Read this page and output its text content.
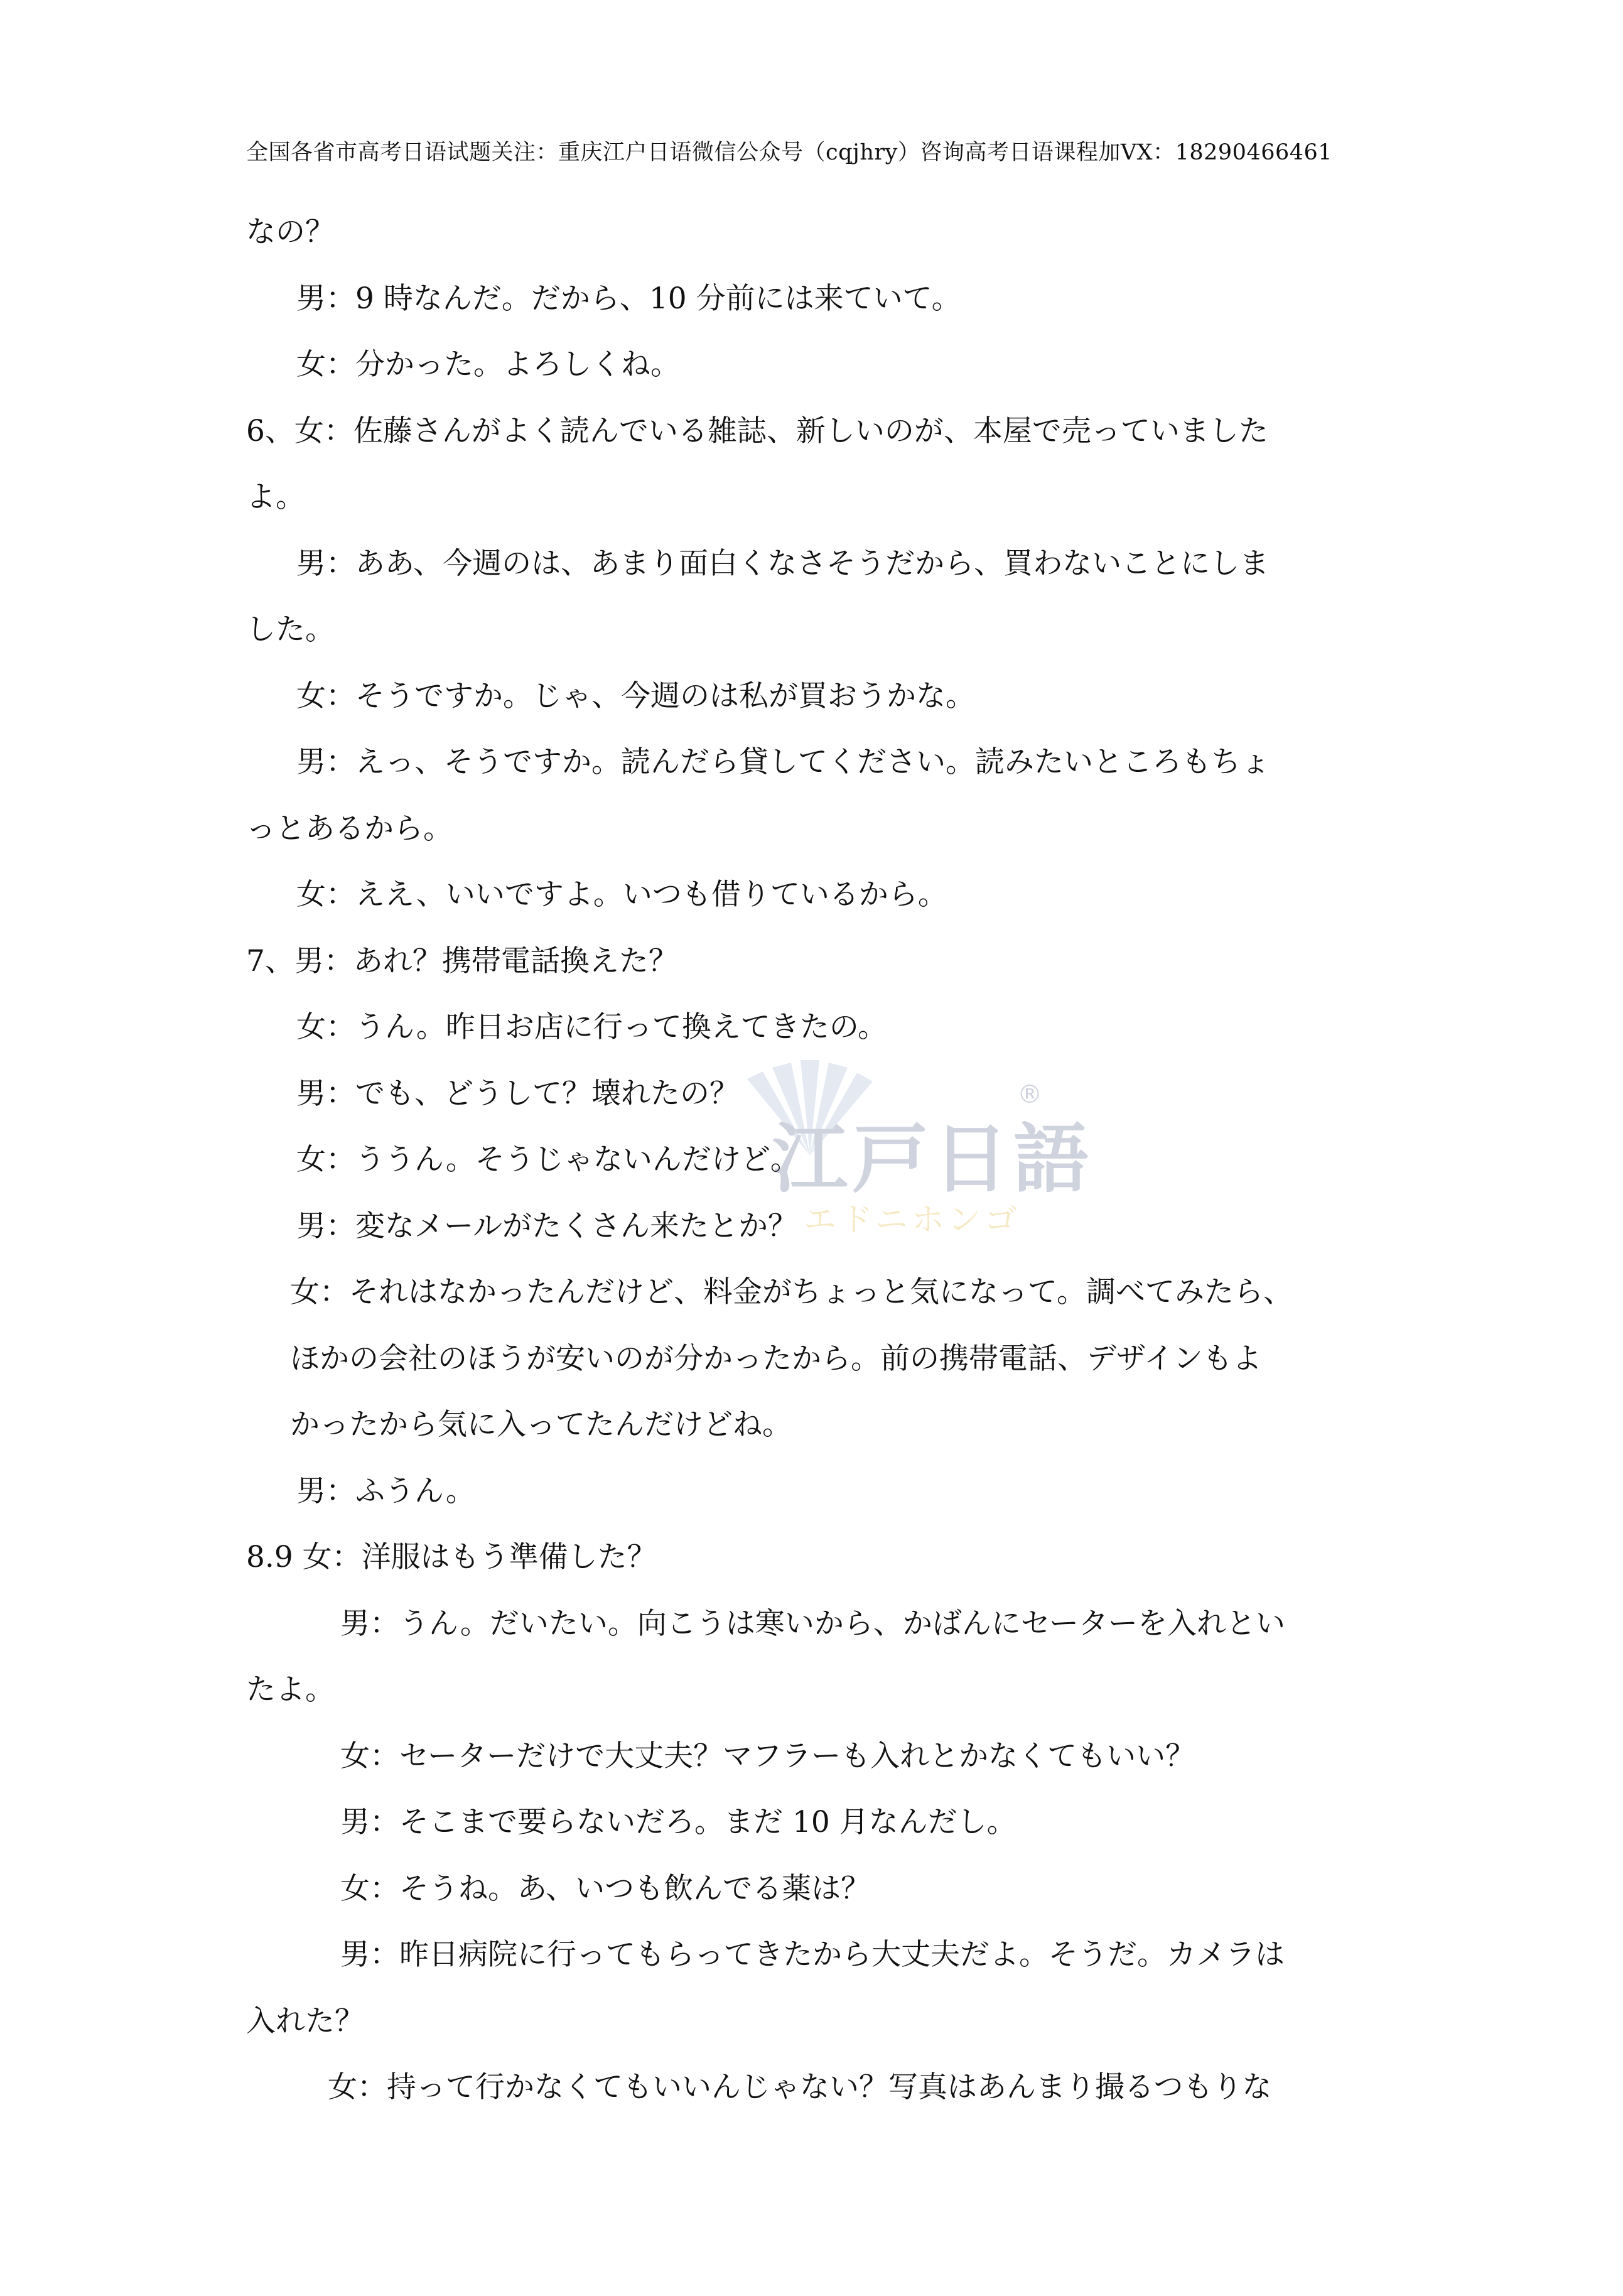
全国各省市高考日语试题关注：重庆江户日语微信公众号（cqjhry）咨询高考日语课程加VX：18290466461
なの？
男：9 時なんだ。だから、10 分前には来ていて。
女：分かった。よろしくね。
6、女：佐藤さんがよく読んでいる雑誌、新しいのが、本屋で売っていました
よ。
男：ああ、今週のは、あまり面白くなさそうだから、買わないことにしま
した。
女：そうですか。じゃ、今週のは私が買おうかな。
男：えっ、そうですか。読んだら貸してください。読みたいところもちょ
っとあるから。
女：ええ、いいですよ。いつも借りているから。
7、男：あれ？携帯電話換えた？
女：うん。昨日お店に行って換えてきたの。
男：でも、どうして？壊れたの？
女：ううん。そうじゃないんだけど。
男：変なメールがたくさん来たとか？
女：それはなかったんだけど、料金がちょっと気になって。調べてみたら、
ほかの会社のほうが安いのが分かったから。前の携帯電話、デザインもよ
かったから気に入ってたんだけどね。
男：ふうん。
8.9 女：洋服はもう準備した？
男：うん。だいたい。向こうは寒いから、かばんにセーターを入れとい
たよ。
女：セーターだけで大丈夫？マフラーも入れとかなくてもいい？
男：そこまで要らないだろ。まだ 10 月なんだし。
女：そうね。あ、いつも飲んでる薬は？
男：昨日病院に行ってもらってきたから大丈夫だよ。そうだ。カメラは
入れた？
女：持って行かなくてもいいんじゃない？写真はあんまり撮るつもりな
江戸日語
®
エドニホンゴ
